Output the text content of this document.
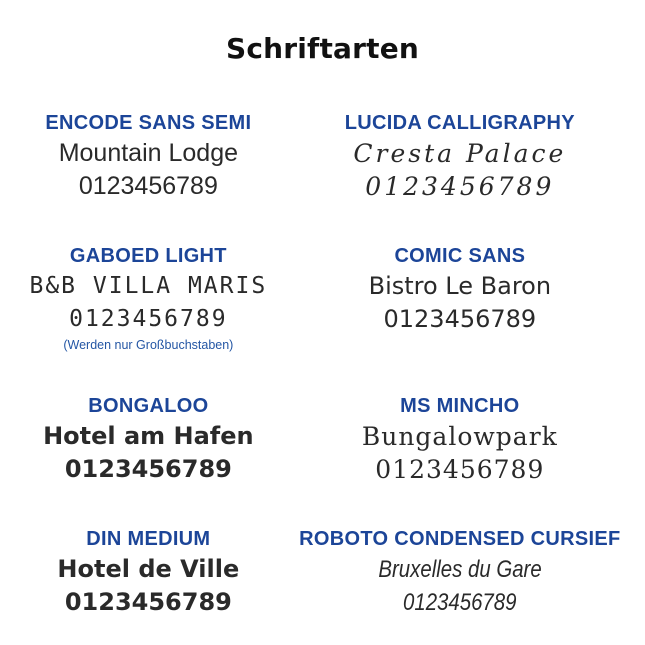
Schriftarten
ENCODE SANS SEMI
Mountain Lodge
0123456789
LUCIDA CALLIGRAPHY
Cresta Palace
0123456789
GABOED LIGHT
B&B VILLA MARIS
0123456789
(Werden nur Großbuchstaben)
COMIC SANS
Bistro Le Baron
0123456789
BONGALOO
Hotel am Hafen
0123456789
MS MINCHO
Bungalowpark
0123456789
DIN MEDIUM
Hotel de Ville
0123456789
ROBOTO CONDENSED CURSIEF
Bruxelles du Gare
0123456789
